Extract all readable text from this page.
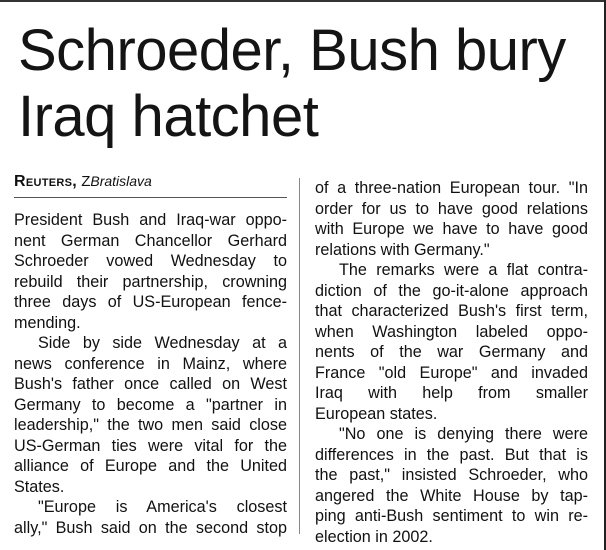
Schroeder, Bush bury
Iraq hatchet
Reuters, ZBratislava

President Bush and Iraq-war oppo-
nent German Chancellor Gerhard
Schroeder vowed Wednesday to
rebuild their partnership, crowning
three days of US-European fence-
mending.

Side by side Wednesday at a
news conference in Mainz, where
Bush's father once called on West
Germany to become a "partner in
leadership," the two men said close
US-German ties were vital for the
alliance of Europe and the United
States.

"Europe is America's closest
ally," Bush said on the second stop

of a three-nation European tour. "In
order for us to have good relations
with Europe we have to have good
relations with Germany."

The remarks were a flat contra-
diction of the go-it-alone approach
that characterized Bush's first term,
when Washington labeled oppo-
nents of the war Germany and
France "old Europe" and invaded
Iraq with help from smaller
European states.

"No one is denying there were
differences in the past. But that is
the past," insisted Schroeder, who
angered the White House by tap-
ping anti-Bush sentiment to win re-
election in 2002.
